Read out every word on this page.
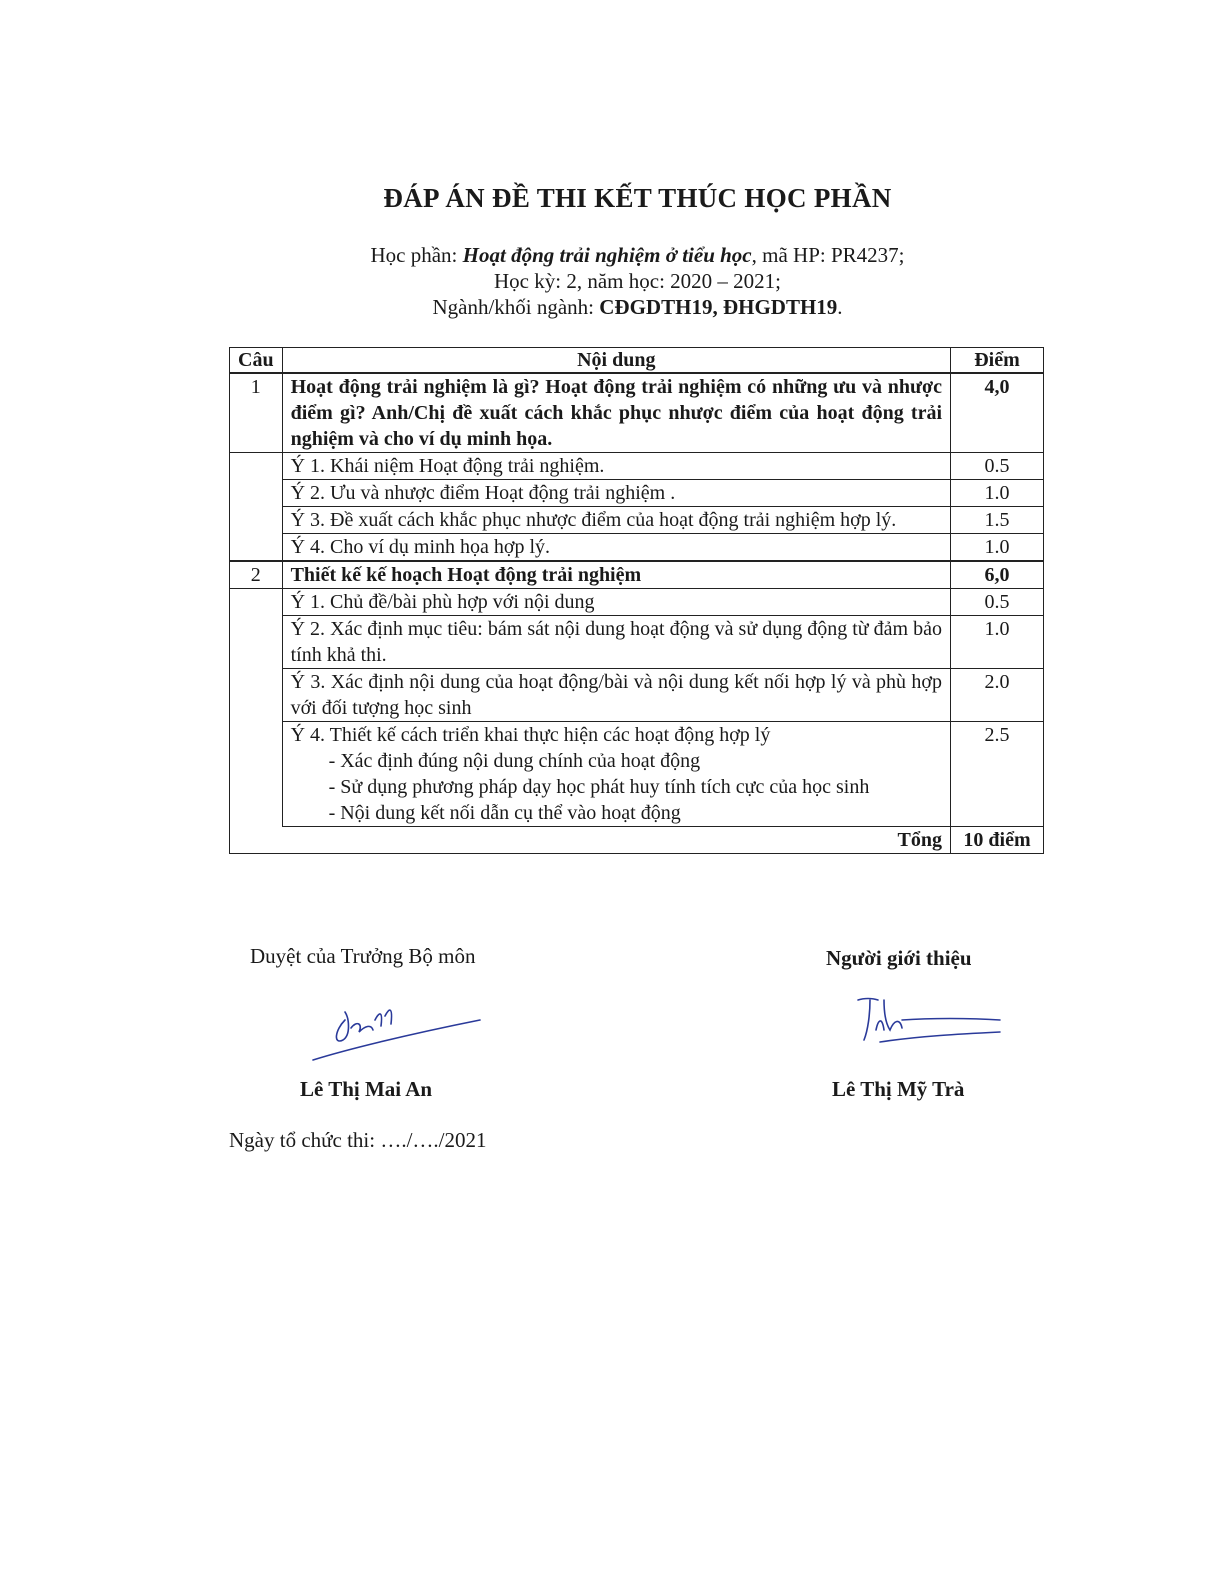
ĐÁP ÁN ĐỀ THI KẾT THÚC HỌC PHẦN
Học phần: Hoạt động trải nghiệm ở tiểu học, mã HP: PR4237;
Học kỳ: 2, năm học: 2020 – 2021;
Ngành/khối ngành: CĐGDTH19, ĐHGDTH19.
Câu	Nội dung	Điểm
1	Hoạt động trải nghiệm là gì? Hoạt động trải nghiệm có những ưu và nhược điểm gì? Anh/Chị đề xuất cách khắc phục nhược điểm của hoạt động trải nghiệm và cho ví dụ minh họa.	4,0
	Ý 1. Khái niệm Hoạt động trải nghiệm.	0.5
	Ý 2. Ưu và nhược điểm Hoạt động trải nghiệm .	1.0
	Ý 3. Đề xuất cách khắc phục nhược điểm của hoạt động trải nghiệm hợp lý.	1.5
	Ý 4. Cho ví dụ minh họa hợp lý.	1.0
2	Thiết kế kế hoạch Hoạt động trải nghiệm	6,0
	Ý 1. Chủ đề/bài phù hợp với nội dung	0.5
	Ý 2. Xác định mục tiêu: bám sát nội dung hoạt động và sử dụng động từ đảm bảo tính khả thi.	1.0
	Ý 3. Xác định nội dung của hoạt động/bài và nội dung kết nối hợp lý và phù hợp với đối tượng học sinh	2.0
	Ý 4. Thiết kế cách triển khai thực hiện các hoạt động hợp lý
- Xác định đúng nội dung chính của hoạt động
- Sử dụng phương pháp dạy học phát huy tính tích cực của học sinh
- Nội dung kết nối dẫn cụ thể vào hoạt động	2.5
Tổng		10 điểm
Duyệt của Trưởng Bộ môn	Người giới thiệu
Lê Thị Mai An	Lê Thị Mỹ Trà
Ngày tổ chức thi: …./…./2021
